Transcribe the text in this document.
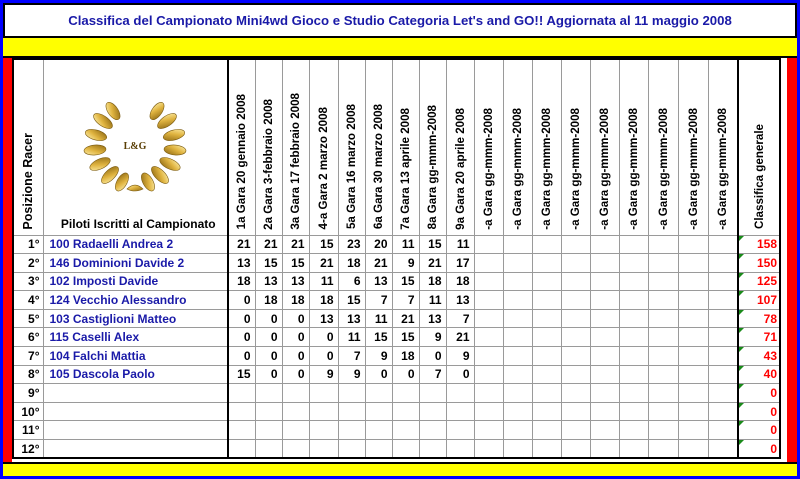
Classifica del Campionato Mini4wd Gioco e Studio Categoria Let's and GO!! Aggiornata al 11 maggio 2008
Posizione Racer	L&G
Piloti Iscritti al Campionato	1a Gara 20 gennaio 2008	2a Gara 3-febbraio 2008	3a Gara 17 febbraio 2008	4-a Gara 2 marzo 2008	5a Gara 16 marzo 2008	6a Gara 30 marzo 2008	7a Gara 13 aprile 2008	8a Gara gg-mmm-2008	9a Gara 20 aprile 2008	-a Gara gg-mmm-2008	-a Gara gg-mmm-2008	-a Gara gg-mmm-2008	-a Gara gg-mmm-2008	-a Gara gg-mmm-2008	-a Gara gg-mmm-2008	-a Gara gg-mmm-2008	-a Gara gg-mmm-2008	-a Gara gg-mmm-2008	Classifica generale
1°	100 Radaelli Andrea 2	21	21	21	15	23	20	11	15	11										158
2°	146 Dominioni Davide 2	13	15	15	21	18	21	9	21	17										150
3°	102 Imposti Davide	18	13	13	11	6	13	15	18	18										125
4°	124 Vecchio Alessandro	0	18	18	18	15	7	7	11	13										107
5°	103 Castiglioni Matteo	0	0	0	13	13	11	21	13	7										78
6°	115 Caselli Alex	0	0	0	0	11	15	15	9	21										71
7°	104 Falchi Mattia	0	0	0	0	7	9	18	0	9										43
8°	105 Dascola Paolo	15	0	0	9	9	0	0	7	0										40
9°																				0
10°																				0
11°																				0
12°																				0
